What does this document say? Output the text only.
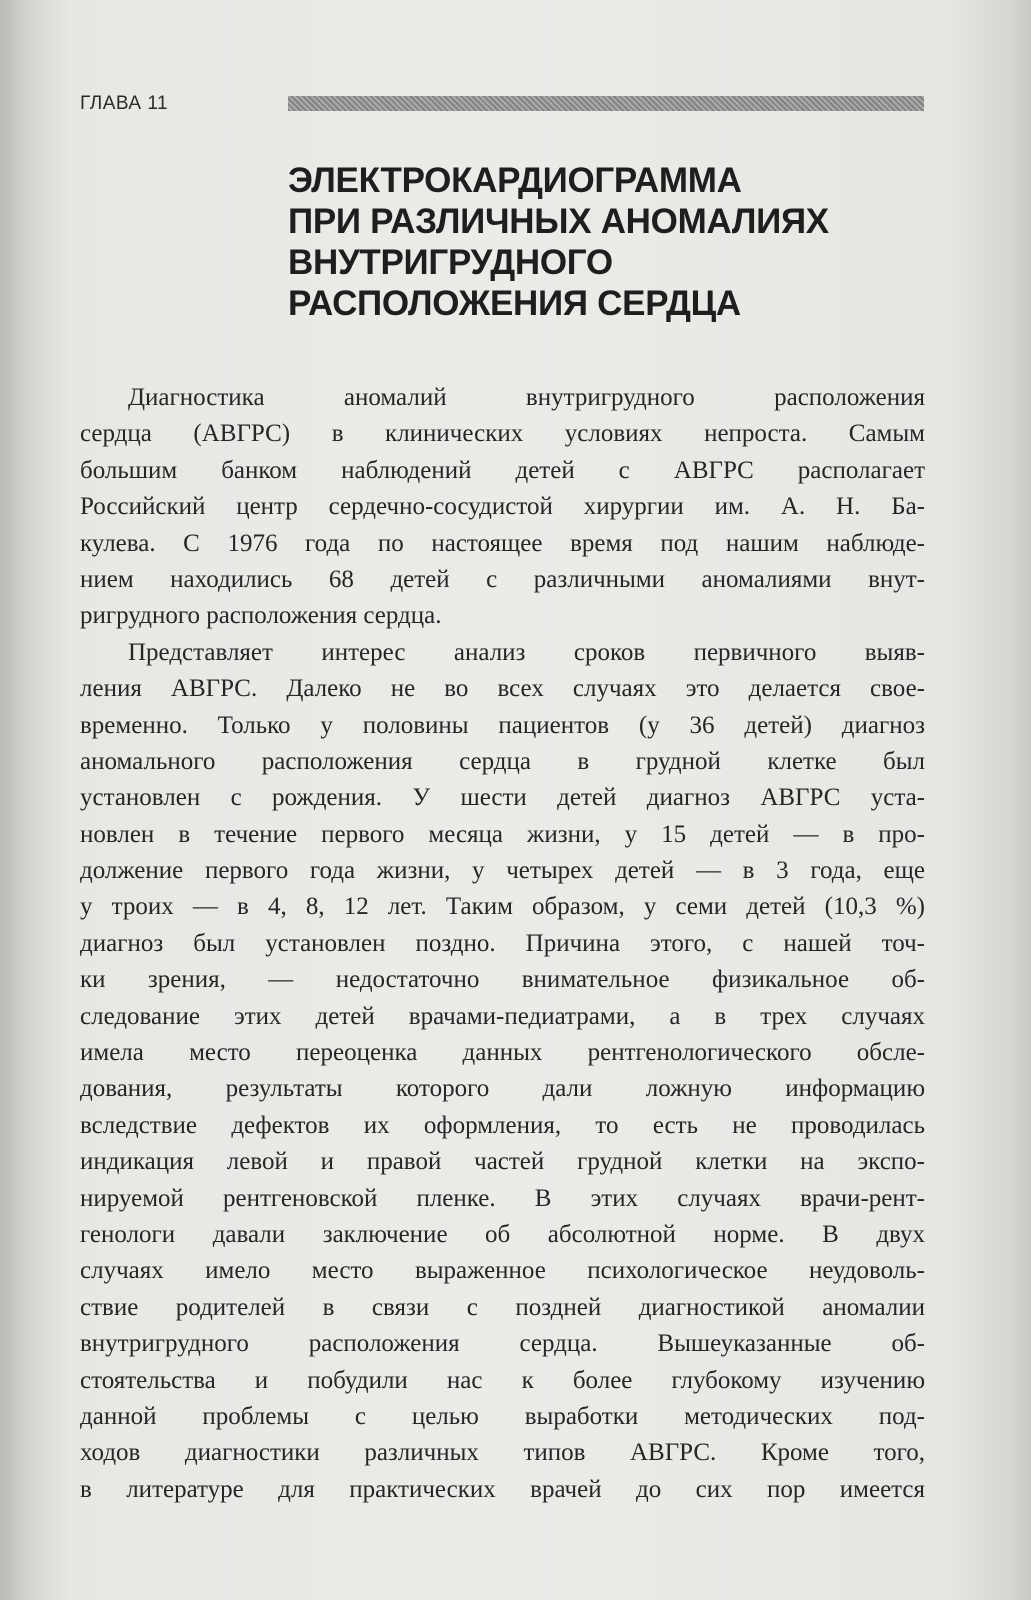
ГЛАВА 11
ЭЛЕКТРОКАРДИОГРАММА
ПРИ РАЗЛИЧНЫХ АНОМАЛИЯХ
ВНУТРИГРУДНОГО
РАСПОЛОЖЕНИЯ СЕРДЦА
Диагностика аномалий внутригрудного расположения
сердца (АВГРС) в клинических условиях непроста. Самым
большим банком наблюдений детей с АВГРС располагает
Российский центр сердечно-сосудистой хирургии им. А. Н. Ба-
кулева. С 1976 года по настоящее время под нашим наблюде-
нием находились 68 детей с различными аномалиями внут-
ригрудного расположения сердца.
Представляет интерес анализ сроков первичного выяв-
ления АВГРС. Далеко не во всех случаях это делается свое-
временно. Только у половины пациентов (у 36 детей) диагноз
аномального расположения сердца в грудной клетке был
установлен с рождения. У шести детей диагноз АВГРС уста-
новлен в течение первого месяца жизни, у 15 детей — в про-
должение первого года жизни, у четырех детей — в 3 года, еще
у троих — в 4, 8, 12 лет. Таким образом, у семи детей (10,3 %)
диагноз был установлен поздно. Причина этого, с нашей точ-
ки зрения, — недостаточно внимательное физикальное об-
следование этих детей врачами-педиатрами, а в трех случаях
имела место переоценка данных рентгенологического обсле-
дования, результаты которого дали ложную информацию
вследствие дефектов их оформления, то есть не проводилась
индикация левой и правой частей грудной клетки на экспо-
нируемой рентгеновской пленке. В этих случаях врачи-рент-
генологи давали заключение об абсолютной норме. В двух
случаях имело место выраженное психологическое неудоволь-
ствие родителей в связи с поздней диагностикой аномалии
внутригрудного расположения сердца. Вышеуказанные об-
стоятельства и побудили нас к более глубокому изучению
данной проблемы с целью выработки методических под-
ходов диагностики различных типов АВГРС. Кроме того,
в литературе для практических врачей до сих пор имеется
